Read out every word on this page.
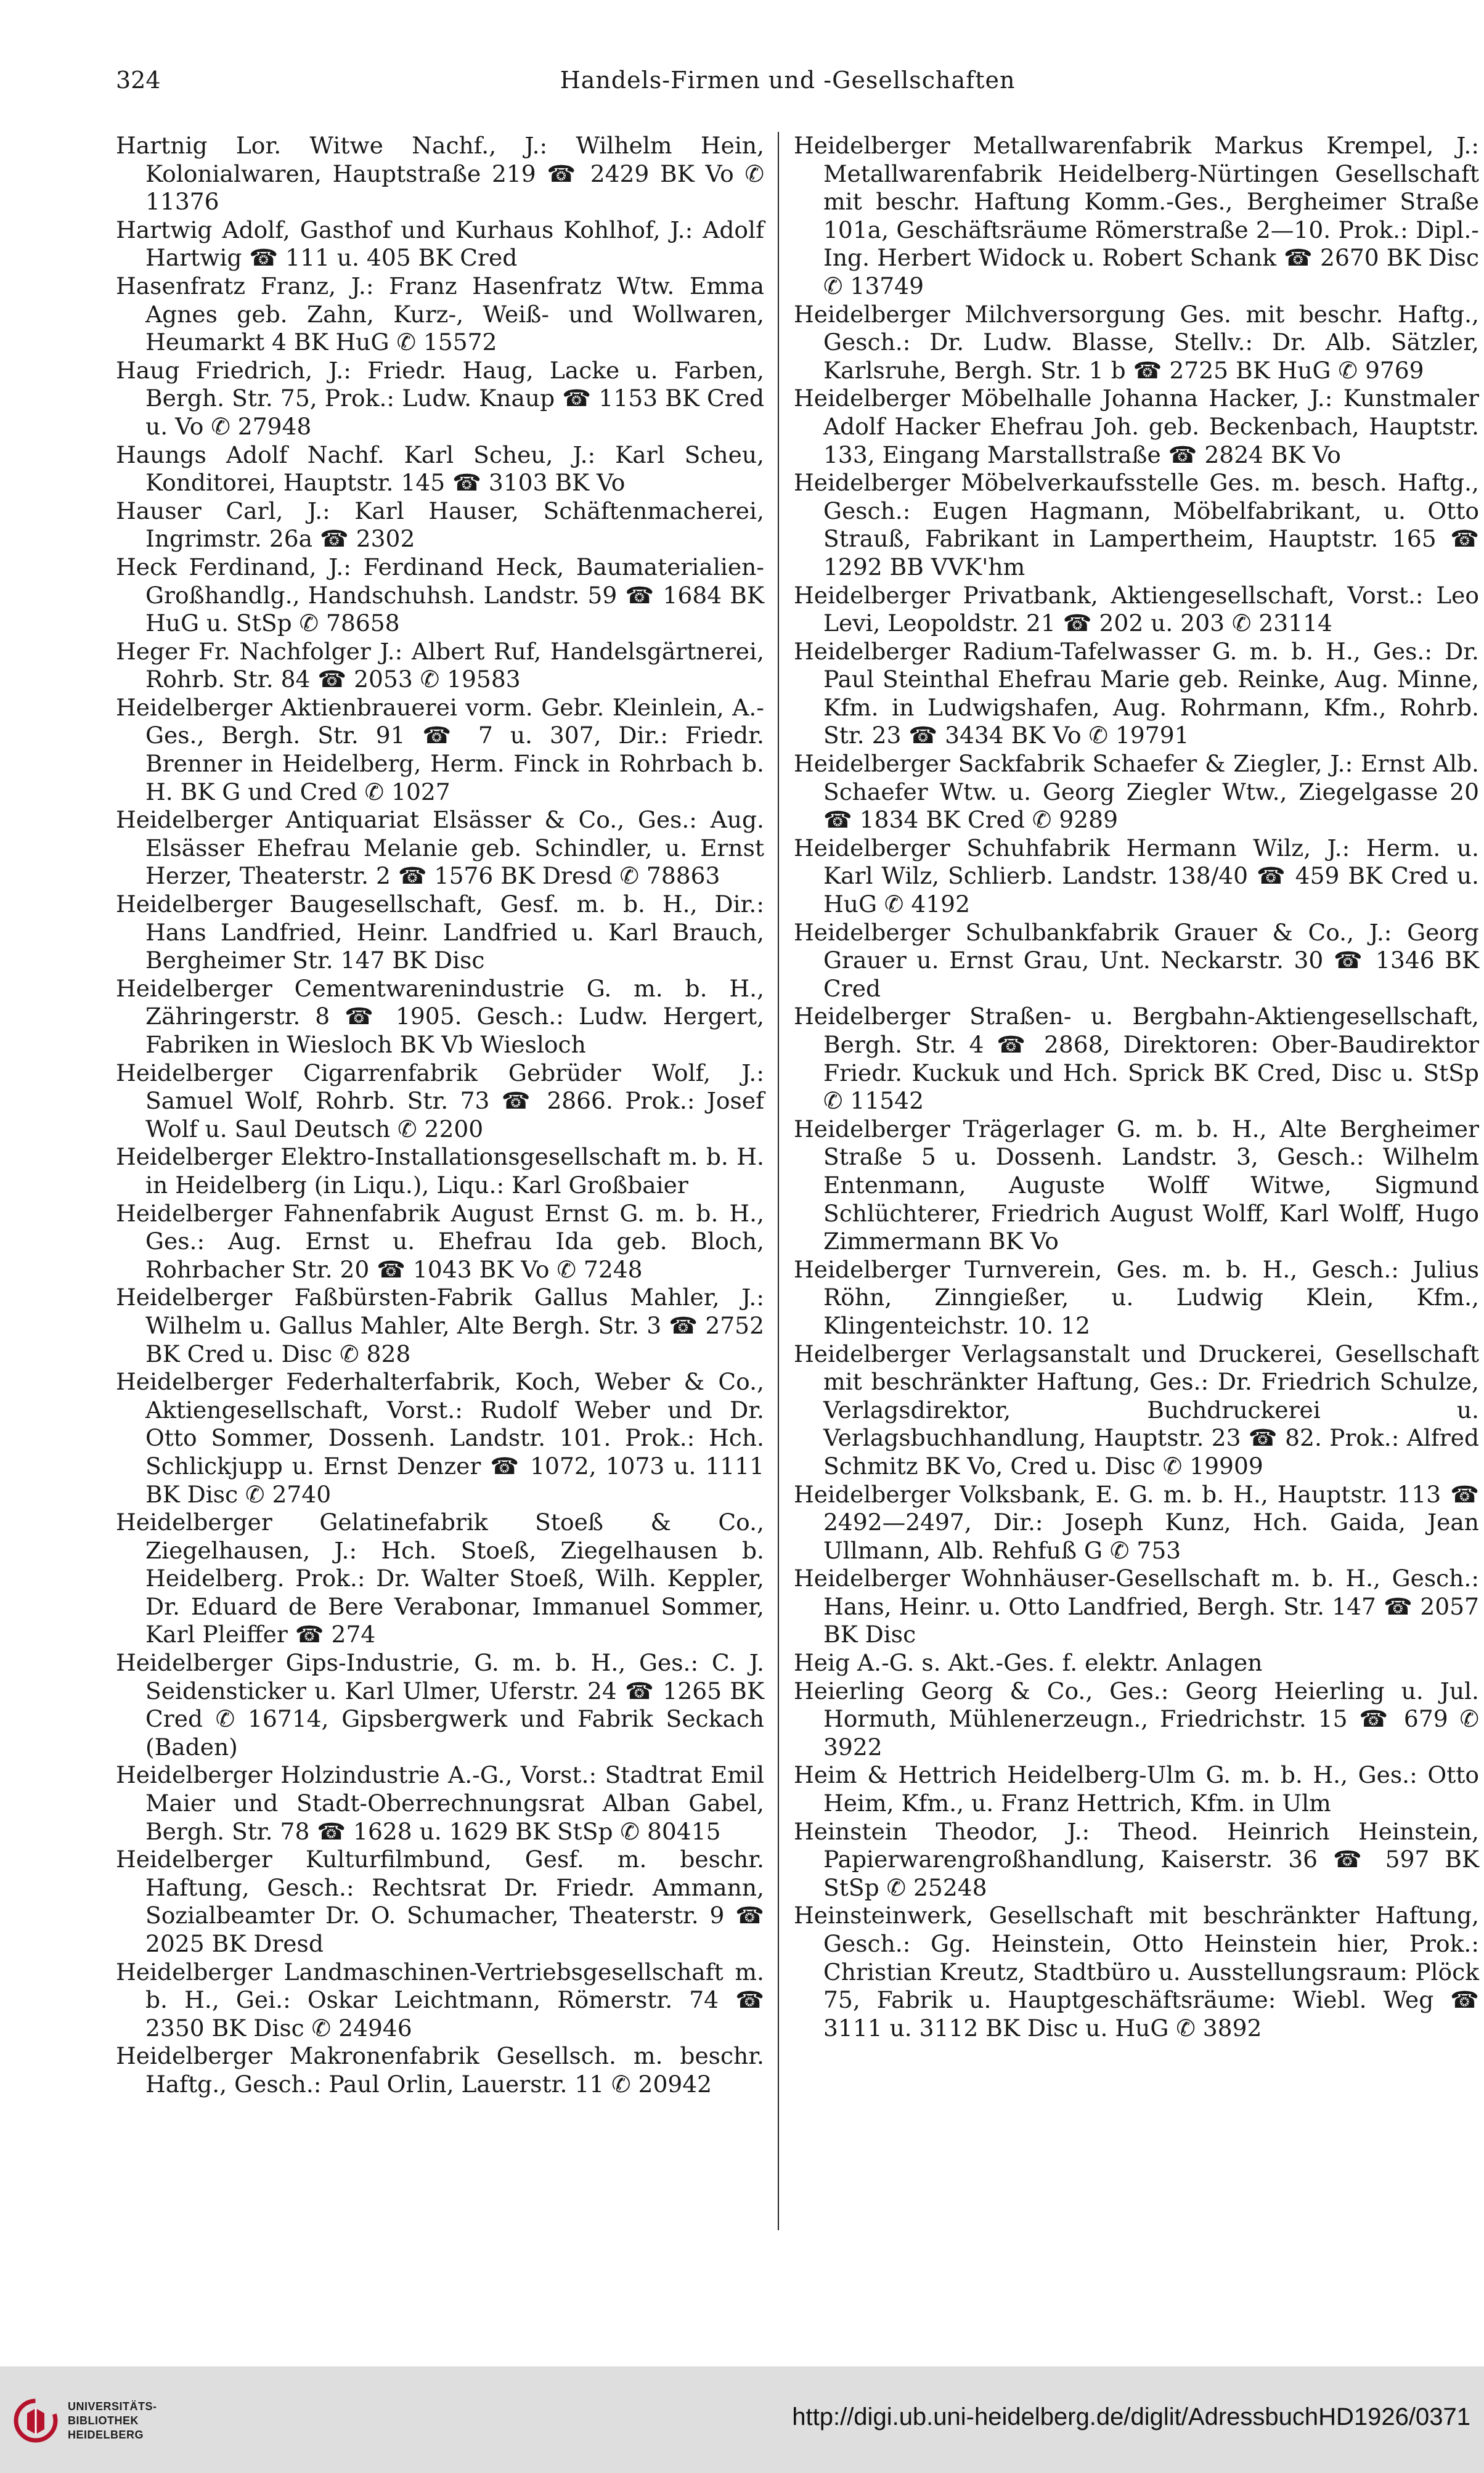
324	Handels-Firmen und -Gesellschaften
Hartnig Lor. Witwe Nachf., J.: Wilhelm Hein, Kolonialwaren, Hauptstraße 219 ☎ 2429 BK Vo ✆ 11376
Hartwig Adolf, Gasthof und Kurhaus Kohlhof, J.: Adolf Hartwig ☎ 111 u. 405 BK Cred
Hasenfratz Franz, J.: Franz Hasenfratz Wtw. Emma Agnes geb. Zahn, Kurz-, Weiß- und Wollwaren, Heumarkt 4 BK HuG ✆ 15572
Haug Friedrich, J.: Friedr. Haug, Lacke u. Farben, Bergh. Str. 75, Prok.: Ludw. Knaup ☎ 1153 BK Cred u. Vo ✆ 27948
Haungs Adolf Nachf. Karl Scheu, J.: Karl Scheu, Konditorei, Hauptstr. 145 ☎ 3103 BK Vo
Hauser Carl, J.: Karl Hauser, Schäftenmacherei, Ingrimstr. 26a ☎ 2302
Heck Ferdinand, J.: Ferdinand Heck, Baumaterialien-Großhandlg., Handschuhsh. Landstr. 59 ☎ 1684 BK HuG u. StSp ✆ 78658
Heger Fr. Nachfolger J.: Albert Ruf, Handelsgärtnerei, Rohrb. Str. 84 ☎ 2053 ✆ 19583
Heidelberger Aktienbrauerei vorm. Gebr. Kleinlein, A.-Ges., Bergh. Str. 91 ☎ 7 u. 307, Dir.: Friedr. Brenner in Heidelberg, Herm. Finck in Rohrbach b. H. BK G und Cred ✆ 1027
Heidelberger Antiquariat Elsässer & Co., Ges.: Aug. Elsässer Ehefrau Melanie geb. Schindler, u. Ernst Herzer, Theaterstr. 2 ☎ 1576 BK Dresd ✆ 78863
Heidelberger Baugesellschaft, Gesf. m. b. H., Dir.: Hans Landfried, Heinr. Landfried u. Karl Brauch, Bergheimer Str. 147 BK Disc
Heidelberger Cementwarenindustrie G. m. b. H., Zähringerstr. 8 ☎ 1905. Gesch.: Ludw. Hergert, Fabriken in Wiesloch BK Vb Wiesloch
Heidelberger Cigarrenfabrik Gebrüder Wolf, J.: Samuel Wolf, Rohrb. Str. 73 ☎ 2866. Prok.: Josef Wolf u. Saul Deutsch ✆ 2200
Heidelberger Elektro-Installationsgesellschaft m. b. H. in Heidelberg (in Liqu.), Liqu.: Karl Großbaier
Heidelberger Fahnenfabrik August Ernst G. m. b. H., Ges.: Aug. Ernst u. Ehefrau Ida geb. Bloch, Rohrbacher Str. 20 ☎ 1043 BK Vo ✆ 7248
Heidelberger Faßbürsten-Fabrik Gallus Mahler, J.: Wilhelm u. Gallus Mahler, Alte Bergh. Str. 3 ☎ 2752 BK Cred u. Disc ✆ 828
Heidelberger Federhalterfabrik, Koch, Weber & Co., Aktiengesellschaft, Vorst.: Rudolf Weber und Dr. Otto Sommer, Dossenh. Landstr. 101. Prok.: Hch. Schlickjupp u. Ernst Denzer ☎ 1072, 1073 u. 1111 BK Disc ✆ 2740
Heidelberger Gelatinefabrik Stoeß & Co., Ziegelhausen, J.: Hch. Stoeß, Ziegelhausen b. Heidelberg. Prok.: Dr. Walter Stoeß, Wilh. Keppler, Dr. Eduard de Bere Verabonar, Immanuel Sommer, Karl Pleiffer ☎ 274
Heidelberger Gips-Industrie, G. m. b. H., Ges.: C. J. Seidensticker u. Karl Ulmer, Uferstr. 24 ☎ 1265 BK Cred ✆ 16714, Gipsbergwerk und Fabrik Seckach (Baden)
Heidelberger Holzindustrie A.-G., Vorst.: Stadtrat Emil Maier und Stadt-Oberrechnungsrat Alban Gabel, Bergh. Str. 78 ☎ 1628 u. 1629 BK StSp ✆ 80415
Heidelberger Kulturfilmbund, Gesf. m. beschr. Haftung, Gesch.: Rechtsrat Dr. Friedr. Ammann, Sozialbeamter Dr. O. Schumacher, Theaterstr. 9 ☎ 2025 BK Dresd
Heidelberger Landmaschinen-Vertriebsgesellschaft m. b. H., Gei.: Oskar Leichtmann, Römerstr. 74 ☎ 2350 BK Disc ✆ 24946
Heidelberger Makronenfabrik Gesellsch. m. beschr. Haftg., Gesch.: Paul Orlin, Lauerstr. 11 ✆ 20942
Heidelberger Metallwarenfabrik Markus Krempel, J.: Metallwarenfabrik Heidelberg-Nürtingen Gesellschaft mit beschr. Haftung Komm.-Ges., Bergheimer Straße 101a, Geschäftsräume Römerstraße 2—10. Prok.: Dipl.-Ing. Herbert Widock u. Robert Schank ☎ 2670 BK Disc ✆ 13749
Heidelberger Milchversorgung Ges. mit beschr. Haftg., Gesch.: Dr. Ludw. Blasse, Stellv.: Dr. Alb. Sätzler, Karlsruhe, Bergh. Str. 1 b ☎ 2725 BK HuG ✆ 9769
Heidelberger Möbelhalle Johanna Hacker, J.: Kunstmaler Adolf Hacker Ehefrau Joh. geb. Beckenbach, Hauptstr. 133, Eingang Marstallstraße ☎ 2824 BK Vo
Heidelberger Möbelverkaufsstelle Ges. m. besch. Haftg., Gesch.: Eugen Hagmann, Möbelfabrikant, u. Otto Strauß, Fabrikant in Lampertheim, Hauptstr. 165 ☎ 1292 BB VVK'hm
Heidelberger Privatbank, Aktiengesellschaft, Vorst.: Leo Levi, Leopoldstr. 21 ☎ 202 u. 203 ✆ 23114
Heidelberger Radium-Tafelwasser G. m. b. H., Ges.: Dr. Paul Steinthal Ehefrau Marie geb. Reinke, Aug. Minne, Kfm. in Ludwigshafen, Aug. Rohrmann, Kfm., Rohrb. Str. 23 ☎ 3434 BK Vo ✆ 19791
Heidelberger Sackfabrik Schaefer & Ziegler, J.: Ernst Alb. Schaefer Wtw. u. Georg Ziegler Wtw., Ziegelgasse 20 ☎ 1834 BK Cred ✆ 9289
Heidelberger Schuhfabrik Hermann Wilz, J.: Herm. u. Karl Wilz, Schlierb. Landstr. 138/40 ☎ 459 BK Cred u. HuG ✆ 4192
Heidelberger Schulbankfabrik Grauer & Co., J.: Georg Grauer u. Ernst Grau, Unt. Neckarstr. 30 ☎ 1346 BK Cred
Heidelberger Straßen- u. Bergbahn-Aktiengesellschaft, Bergh. Str. 4 ☎ 2868, Direktoren: Ober-Baudirektor Friedr. Kuckuk und Hch. Sprick BK Cred, Disc u. StSp ✆ 11542
Heidelberger Trägerlager G. m. b. H., Alte Bergheimer Straße 5 u. Dossenh. Landstr. 3, Gesch.: Wilhelm Entenmann, Auguste Wolff Witwe, Sigmund Schlüchterer, Friedrich August Wolff, Karl Wolff, Hugo Zimmermann BK Vo
Heidelberger Turnverein, Ges. m. b. H., Gesch.: Julius Röhn, Zinngießer, u. Ludwig Klein, Kfm., Klingenteichstr. 10. 12
Heidelberger Verlagsanstalt und Druckerei, Gesellschaft mit beschränkter Haftung, Ges.: Dr. Friedrich Schulze, Verlagsdirektor, Buchdruckerei u. Verlagsbuchhandlung, Hauptstr. 23 ☎ 82. Prok.: Alfred Schmitz BK Vo, Cred u. Disc ✆ 19909
Heidelberger Volksbank, E. G. m. b. H., Hauptstr. 113 ☎ 2492—2497, Dir.: Joseph Kunz, Hch. Gaida, Jean Ullmann, Alb. Rehfuß G ✆ 753
Heidelberger Wohnhäuser-Gesellschaft m. b. H., Gesch.: Hans, Heinr. u. Otto Landfried, Bergh. Str. 147 ☎ 2057 BK Disc
Heig A.-G. s. Akt.-Ges. f. elektr. Anlagen
Heierling Georg & Co., Ges.: Georg Heierling u. Jul. Hormuth, Mühlenerzeugn., Friedrichstr. 15 ☎ 679 ✆ 3922
Heim & Hettrich Heidelberg-Ulm G. m. b. H., Ges.: Otto Heim, Kfm., u. Franz Hettrich, Kfm. in Ulm
Heinstein Theodor, J.: Theod. Heinrich Heinstein, Papierwarengroßhandlung, Kaiserstr. 36 ☎ 597 BK StSp ✆ 25248
Heinsteinwerk, Gesellschaft mit beschränkter Haftung, Gesch.: Gg. Heinstein, Otto Heinstein hier, Prok.: Christian Kreutz, Stadtbüro u. Ausstellungsraum: Plöck 75, Fabrik u. Hauptgeschäftsräume: Wiebl. Weg ☎ 3111 u. 3112 BK Disc u. HuG ✆ 3892
UNIVERSITÄTS-
BIBLIOTHEK
HEIDELBERG
http://digi.ub.uni-heidelberg.de/diglit/AdressbuchHD1926/0371
